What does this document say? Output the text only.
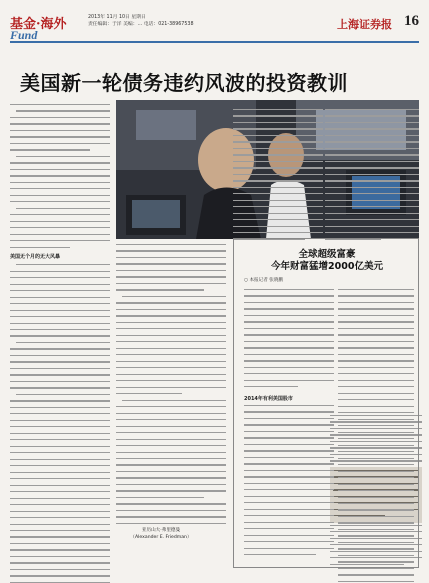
基金·海外
Fund
2013年 11月 10日 星期日
责任编辑：于洋 美编：… 电话：021-38967538	上海证券报 16
美国新一轮债务违约风波的投资教训
美国无个月的无大风暴
亚历山大·弗里德曼
（Alexander E. Friedman）
全球超级富豪
今年财富猛增2000亿美元
○ 本报记者 张晓鹏
2014年有利美国股市
